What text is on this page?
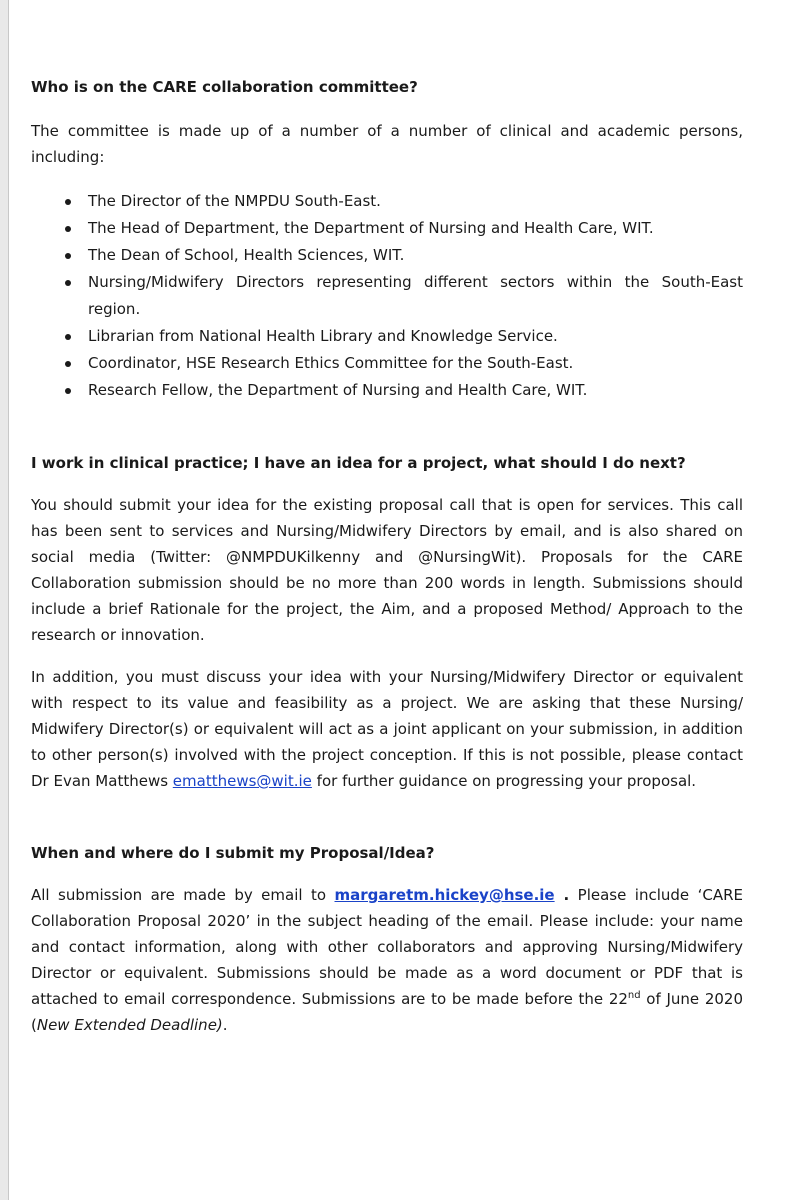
Who is on the CARE collaboration committee?

The committee is made up of a number of a number of clinical and academic persons, including:

The Director of the NMPDU South-East.
The Head of Department, the Department of Nursing and Health Care, WIT.
The Dean of School, Health Sciences, WIT.
Nursing/Midwifery Directors representing different sectors within the South-East region.
Librarian from National Health Library and Knowledge Service.
Coordinator, HSE Research Ethics Committee for the South-East.
Research Fellow, the Department of Nursing and Health Care, WIT.
I work in clinical practice; I have an idea for a project, what should I do next?

You should submit your idea for the existing proposal call that is open for services. This call has been sent to services and Nursing/Midwifery Directors by email, and is also shared on social media (Twitter: @NMPDUKilkenny and @NursingWit). Proposals for the CARE Collaboration submission should be no more than 200 words in length. Submissions should include a brief Rationale for the project, the Aim, and a proposed Method/ Approach to the research or innovation.

In addition, you must discuss your idea with your Nursing/Midwifery Director or equivalent with respect to its value and feasibility as a project. We are asking that these Nursing/ Midwifery Director(s) or equivalent will act as a joint applicant on your submission, in addition to other person(s) involved with the project conception. If this is not possible, please contact Dr Evan Matthews ematthews@wit.ie for further guidance on progressing your proposal.

When and where do I submit my Proposal/Idea?

All submission are made by email to margaretm.hickey@hse.ie . Please include ‘CARE Collaboration Proposal 2020’ in the subject heading of the email. Please include: your name and contact information, along with other collaborators and approving Nursing/Midwifery Director or equivalent. Submissions should be made as a word document or PDF that is attached to email correspondence. Submissions are to be made before the 22nd of June 2020 (New Extended Deadline).
